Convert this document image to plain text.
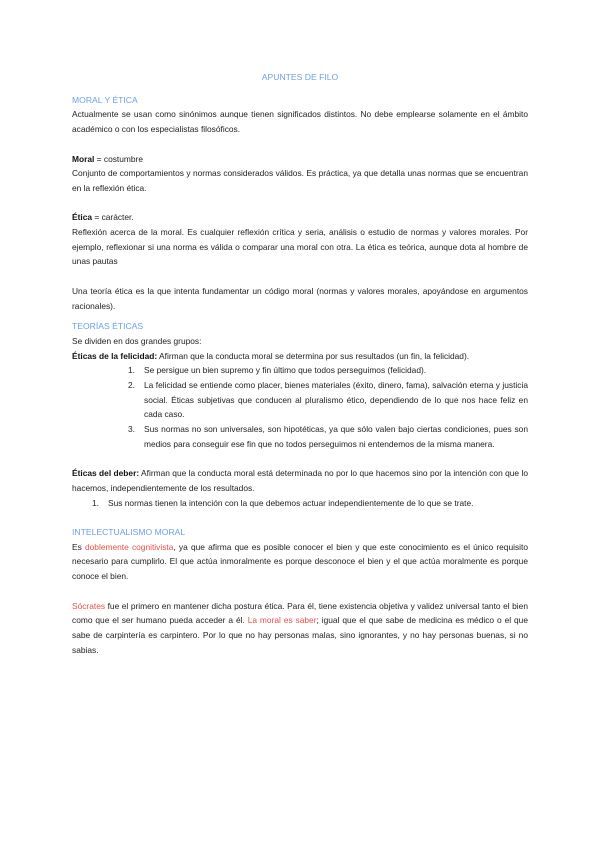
APUNTES DE FILO
MORAL Y ÉTICA

Actualmente se usan como sinónimos aunque tienen significados distintos. No debe emplearse solamente en el ámbito académico o con los especialistas filosóficos.

Moral = costumbre

Conjunto de comportamientos y normas considerados válidos. Es práctica, ya que detalla unas normas que se encuentran en la reflexión ética.

Ética = carácter.

Reflexión acerca de la moral. Es cualquier reflexión crítica y seria, análisis o estudio de normas y valores morales. Por ejemplo, reflexionar si una norma es válida o comparar una moral con otra. La ética es teórica, aunque dota al hombre de unas pautas

Una teoría ética es la que intenta fundamentar un código moral (normas y valores morales, apoyándose en argumentos racionales).

TEORÍAS ÉTICAS

Se dividen en dos grandes grupos:

Éticas de la felicidad: Afirman que la conducta moral se determina por sus resultados (un fin, la felicidad).

1. Se persigue un bien supremo y fin último que todos perseguimos (felicidad).
2. La felicidad se entiende como placer, bienes materiales (éxito, dinero, fama), salvación eterna y justicia social. Éticas subjetivas que conducen al pluralismo ético, dependiendo de lo que nos hace feliz en cada caso.
3. Sus normas no son universales, son hipotéticas, ya que sólo valen bajo ciertas condiciones, pues son medios para conseguir ese fin que no todos perseguimos ni entendemos de la misma manera.

Éticas del deber: Afirman que la conducta moral está determinada no por lo que hacemos sino por la intención con que lo hacemos, independientemente de los resultados.

1. Sus normas tienen la intención con la que debemos actuar independientemente de lo que se trate.
INTELECTUALISMO MORAL

Es doblemente cognitivista, ya que afirma que es posible conocer el bien y que este conocimiento es el único requisito necesario para cumplirlo. El que actúa inmoralmente es porque desconoce el bien y el que actúa moralmente es porque conoce el bien.

Sócrates fue el primero en mantener dicha postura ética. Para él, tiene existencia objetiva y validez universal tanto el bien como que el ser humano pueda acceder a él. La moral es saber; igual que el que sabe de medicina es médico o el que sabe de carpintería es carpintero. Por lo que no hay personas malas, sino ignorantes, y no hay personas buenas, si no sabias.
